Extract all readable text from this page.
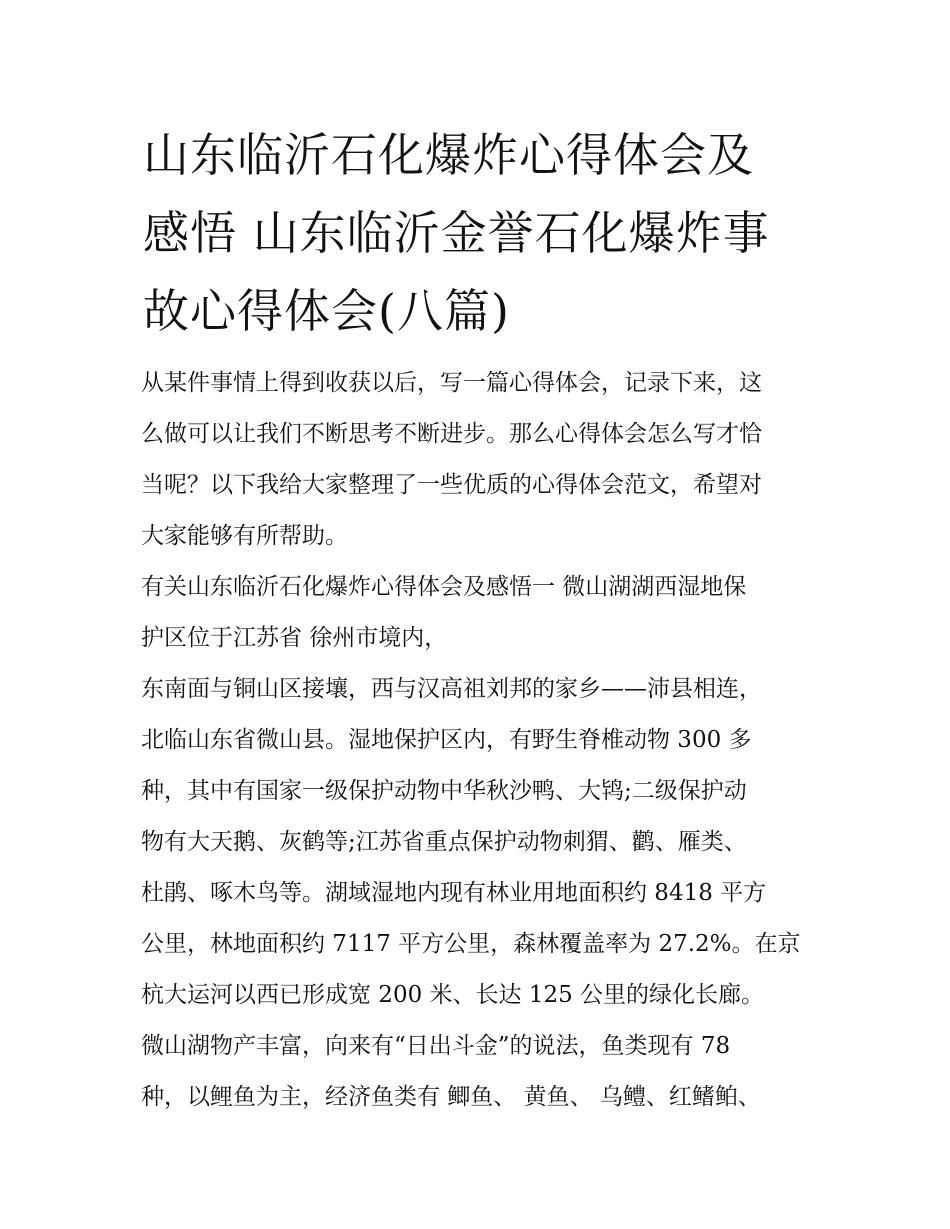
山东临沂石化爆炸心得体会及
感悟 山东临沂金誉石化爆炸事
故心得体会(八篇)
从某件事情上得到收获以后，写一篇心得体会，记录下来，这
么做可以让我们不断思考不断进步。那么心得体会怎么写才恰
当呢？以下我给大家整理了一些优质的心得体会范文，希望对
大家能够有所帮助。
有关山东临沂石化爆炸心得体会及感悟一 微山湖湖西湿地保
护区位于江苏省 徐州市境内，
东南面与铜山区接壤，西与汉高祖刘邦的家乡——沛县相连，
北临山东省微山县。湿地保护区内，有野生脊椎动物 300 多
种，其中有国家一级保护动物中华秋沙鸭、大鸨;二级保护动
物有大天鹅、灰鹤等;江苏省重点保护动物刺猬、鹳、雁类、
杜鹃、啄木鸟等。湖域湿地内现有林业用地面积约 8418 平方
公里，林地面积约 7117 平方公里，森林覆盖率为 27.2%。在京
杭大运河以西已形成宽 200 米、长达 125 公里的绿化长廊。
微山湖物产丰富，向来有“日出斗金”的说法，鱼类现有 78
种，以鲤鱼为主，经济鱼类有 鲫鱼、 黄鱼、 乌鳢、红鳍鲌、
